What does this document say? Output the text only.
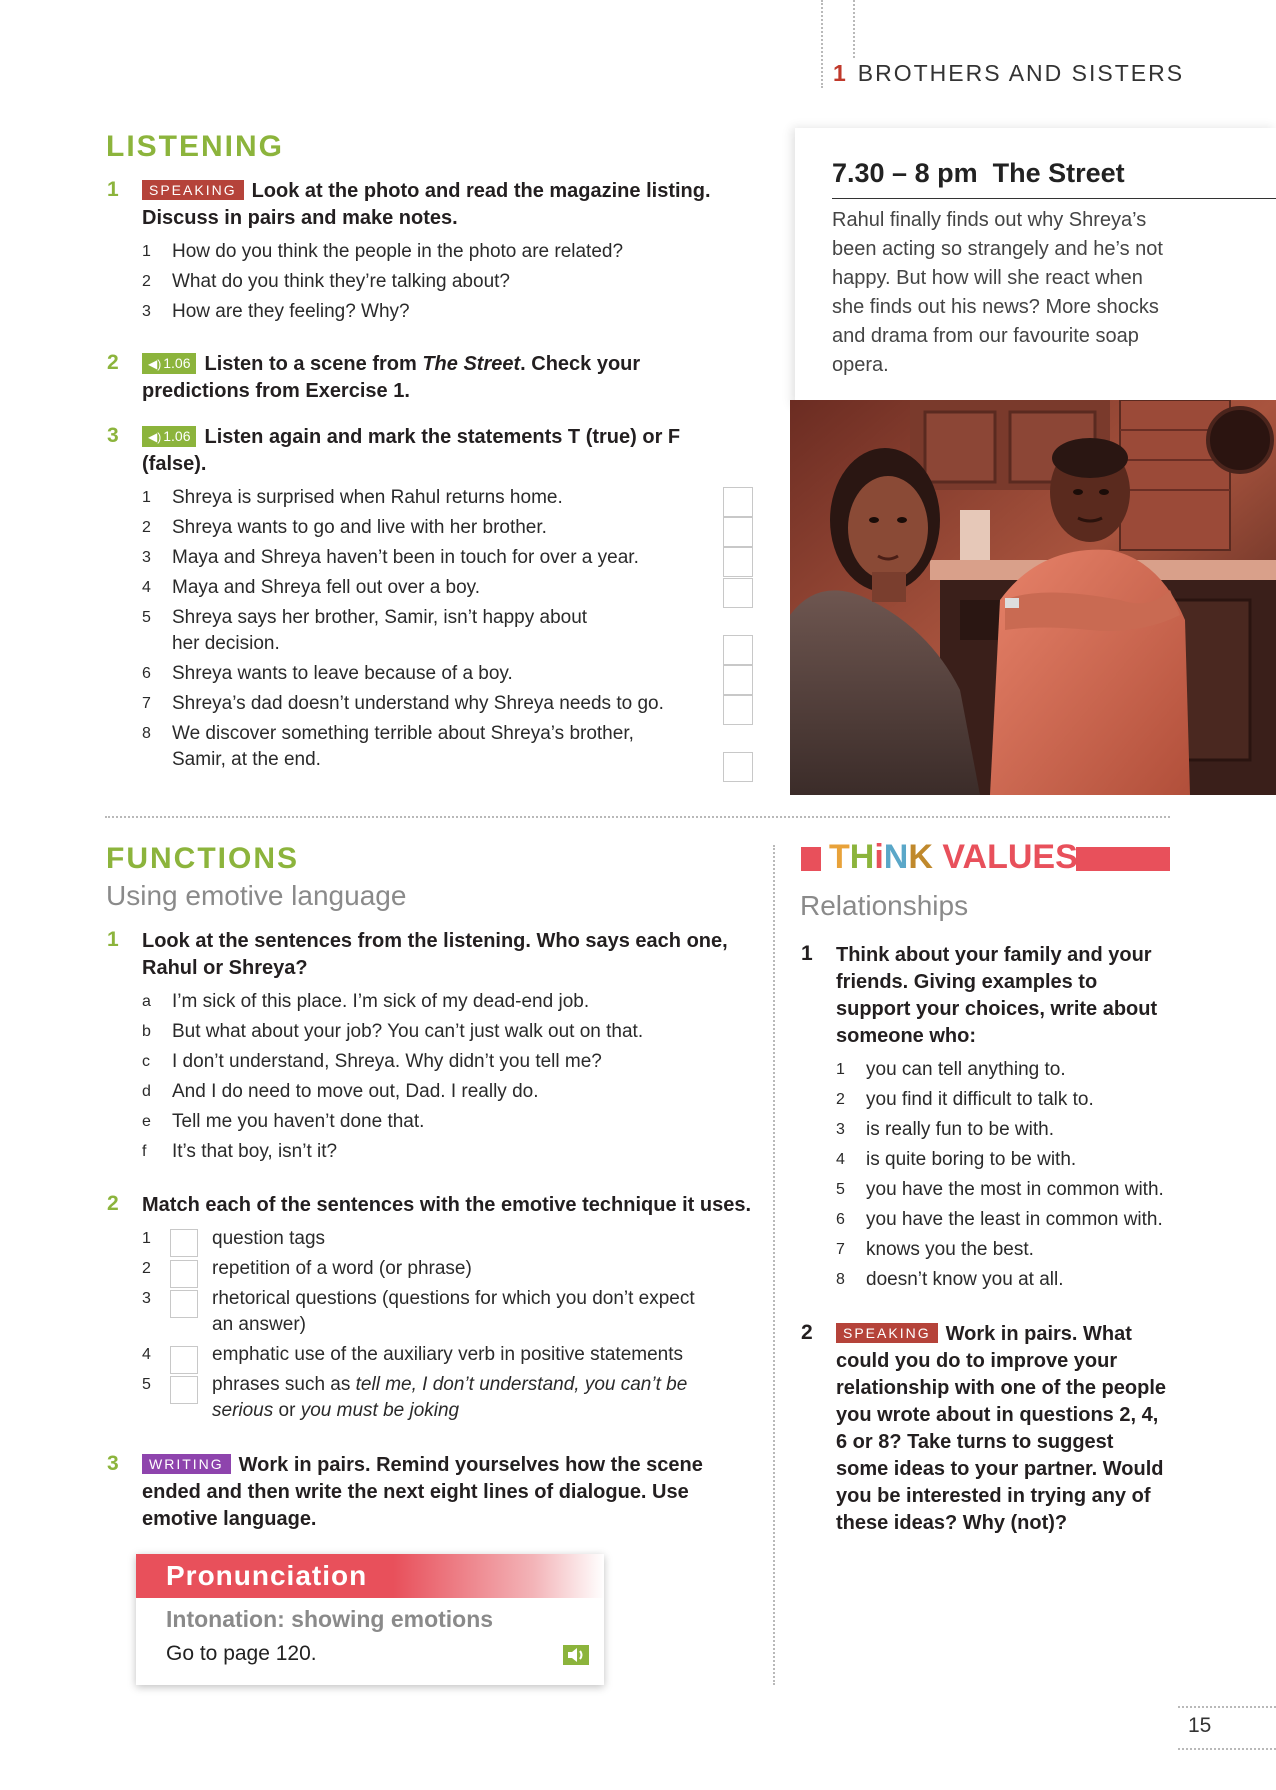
1 BROTHERS AND SISTERS
LISTENING
1	SPEAKING Look at the photo and read the magazine listing. Discuss in pairs and make notes.
1 How do you think the people in the photo are related?
2 What do you think they’re talking about?
3 How are they feeling? Why?
2	◀) 1.06 Listen to a scene from The Street. Check your predictions from Exercise 1.
3	◀) 1.06 Listen again and mark the statements T (true) or F (false).
1 Shreya is surprised when Rahul returns home.
2 Shreya wants to go and live with her brother.
3 Maya and Shreya haven’t been in touch for over a year.
4 Maya and Shreya fell out over a boy.
5 Shreya says her brother, Samir, isn’t happy about her decision.
6 Shreya wants to leave because of a boy.
7 Shreya’s dad doesn’t understand why Shreya needs to go.
8 We discover something terrible about Shreya’s brother, Samir, at the end.
7.30 – 8 pm The Street
Rahul finally finds out why Shreya’s been acting so strangely and he’s not happy. But how will she react when she finds out his news? More shocks and drama from our favourite soap opera.
FUNCTIONS
Using emotive language
1 Look at the sentences from the listening. Who says each one, Rahul or Shreya?
a I’m sick of this place. I’m sick of my dead-end job.
b But what about your job? You can’t just walk out on that.
c I don’t understand, Shreya. Why didn’t you tell me?
d And I do need to move out, Dad. I really do.
e Tell me you haven’t done that.
f It’s that boy, isn’t it?
2 Match each of the sentences with the emotive technique it uses.
1	question tags
2	repetition of a word (or phrase)
3	rhetorical questions (questions for which you don’t expect an answer)
4	emphatic use of the auxiliary verb in positive statements
5	phrases such as tell me, I don’t understand, you can’t be serious or you must be joking
3	WRITING Work in pairs. Remind yourselves how the scene ended and then write the next eight lines of dialogue. Use emotive language.
Pronunciation
Intonation: showing emotions
Go to page 120.
THiNK VALUES
Relationships
1 Think about your family and your friends. Giving examples to support your choices, write about someone who:
1 you can tell anything to.
2 you find it difficult to talk to.
3 is really fun to be with.
4 is quite boring to be with.
5 you have the most in common with.
6 you have the least in common with.
7 knows you the best.
8 doesn’t know you at all.
2	SPEAKING Work in pairs. What could you do to improve your relationship with one of the people you wrote about in questions 2, 4, 6 or 8? Take turns to suggest some ideas to your partner. Would you be interested in trying any of these ideas? Why (not)?
15
